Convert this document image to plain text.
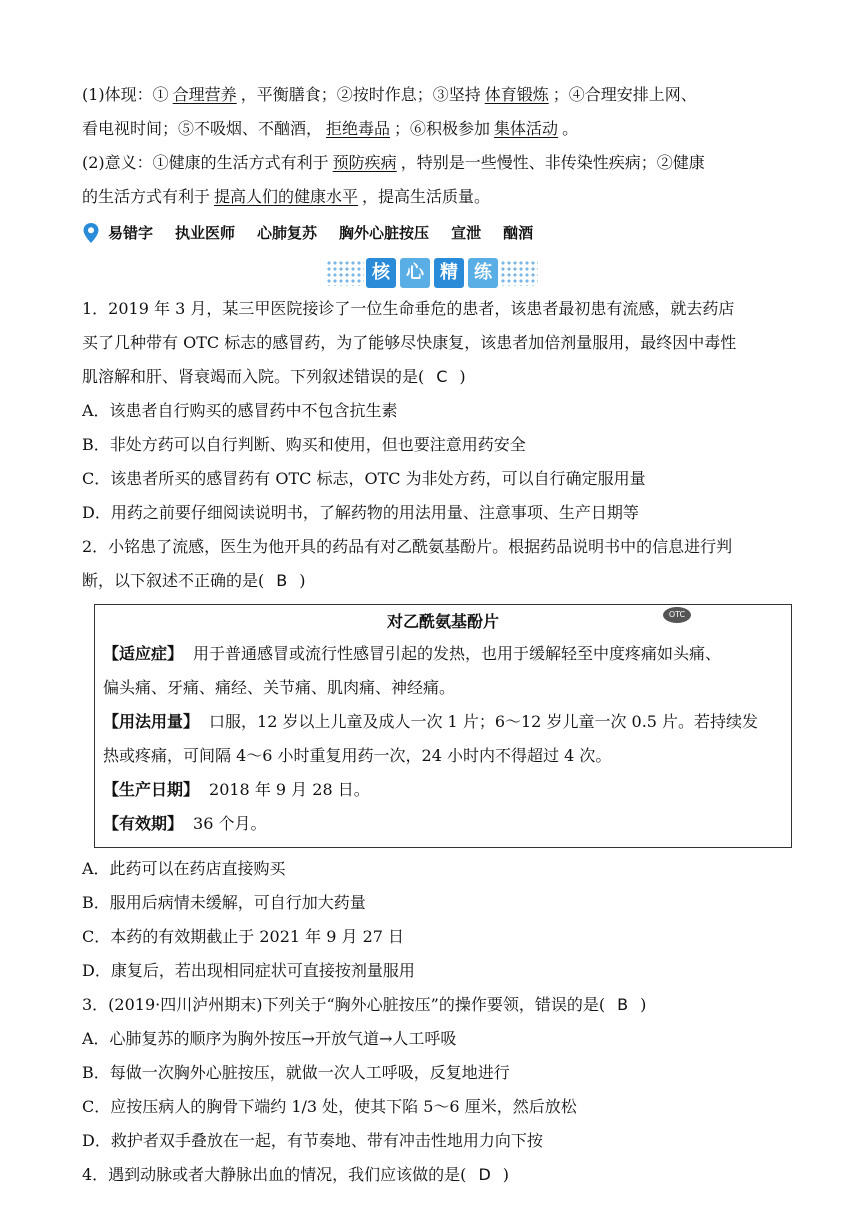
(1)体现：① 合理营养 ，平衡膳食；②按时作息；③坚持 体育锻炼 ；④合理安排上网、

看电视时间；⑤不吸烟、不酗酒， 拒绝毒品 ；⑥积极参加 集体活动 。

(2)意义：①健康的生活方式有利于 预防疾病 ，特别是一些慢性、非传染性疾病；②健康

的生活方式有利于 提高人们的健康水平 ，提高生活质量。

易错字 执业医师 心肺复苏 胸外心脏按压 宣泄 酗酒
核 心 精 练

1．2019 年 3 月，某三甲医院接诊了一位生命垂危的患者，该患者最初患有流感，就去药店

买了几种带有 OTC 标志的感冒药，为了能够尽快康复，该患者加倍剂量服用，最终因中毒性

肌溶解和肝、肾衰竭而入院。下列叙述错误的是( C )

A．该患者自行购买的感冒药中不包含抗生素

B．非处方药可以自行判断、购买和使用，但也要注意用药安全

C．该患者所买的感冒药有 OTC 标志，OTC 为非处方药，可以自行确定服用量

D．用药之前要仔细阅读说明书，了解药物的用法用量、注意事项、生产日期等

2．小铭患了流感，医生为他开具的药品有对乙酰氨基酚片。根据药品说明书中的信息进行判

断，以下叙述不正确的是( B )

对乙酰氨基酚片	OTC

【适应症】 用于普通感冒或流行性感冒引起的发热，也用于缓解轻至中度疼痛如头痛、

偏头痛、牙痛、痛经、关节痛、肌肉痛、神经痛。

【用法用量】 口服，12 岁以上儿童及成人一次 1 片；6～12 岁儿童一次 0.5 片。若持续发

热或疼痛，可间隔 4～6 小时重复用药一次，24 小时内不得超过 4 次。

【生产日期】 2018 年 9 月 28 日。

【有效期】 36 个月。

A．此药可以在药店直接购买

B．服用后病情未缓解，可自行加大药量

C．本药的有效期截止于 2021 年 9 月 27 日

D．康复后，若出现相同症状可直接按剂量服用

3．(2019·四川泸州期末)下列关于“胸外心脏按压”的操作要领，错误的是( B )

A．心肺复苏的顺序为胸外按压→开放气道→人工呼吸

B．每做一次胸外心脏按压，就做一次人工呼吸，反复地进行

C．应按压病人的胸骨下端约 1/3 处，使其下陷 5～6 厘米，然后放松

D．救护者双手叠放在一起，有节奏地、带有冲击性地用力向下按

4．遇到动脉或者大静脉出血的情况，我们应该做的是( D )
